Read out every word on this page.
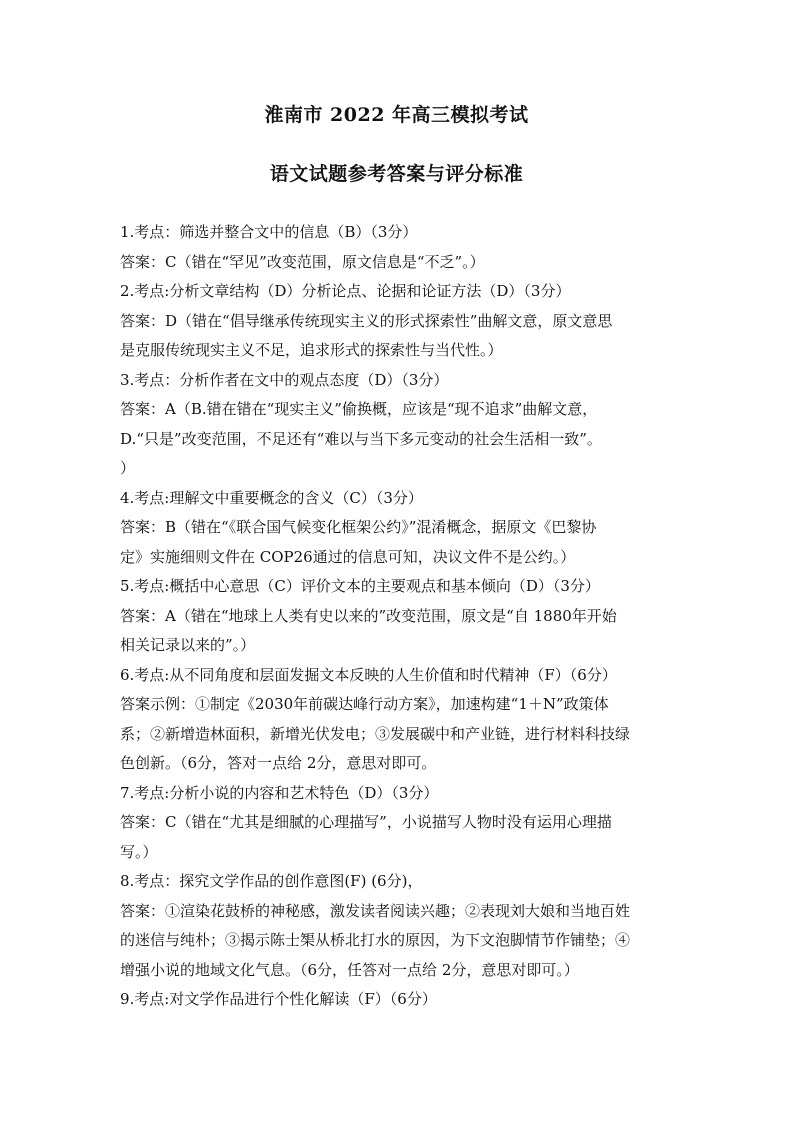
淮南市 2022 年高三模拟考试
语文试题参考答案与评分标准
1.考点：筛选并整合文中的信息（B）（3分）
答案：C（错在“罕见”改变范围，原文信息是“不乏”。）
2.考点:分析文章结构（D）分析论点、论据和论证方法（D）（3分）
答案：D（错在“倡导继承传统现实主义的形式探索性”曲解文意，原文意思
是克服传统现实主义不足，追求形式的探索性与当代性。）
3.考点：分析作者在文中的观点态度（D）（3分）
答案：A（B.错在错在“现实主义”偷换概，应该是“现不追求”曲解文意，
D.“只是”改变范围，不足还有“难以与当下多元变动的社会生活相一致”。
）
4.考点:理解文中重要概念的含义（C）（3分）
答案：B（错在“《联合国气候变化框架公约》”混淆概念，据原文《巴黎协
定》实施细则文件在 COP26通过的信息可知，决议文件不是公约。）
5.考点:概括中心意思（C）评价文本的主要观点和基本倾向（D）（3分）
答案：A（错在“地球上人类有史以来的”改变范围，原文是“自 1880年开始
相关记录以来的”。）
6.考点:从不同角度和层面发掘文本反映的人生价值和时代精神（F）（6分）
答案示例：①制定《2030年前碳达峰行动方案》，加速构建“1＋N”政策体
系；②新增造林面积，新增光伏发电；③发展碳中和产业链，进行材料科技绿
色创新。（6分，答对一点给 2分，意思对即可。
7.考点:分析小说的内容和艺术特色（D）（3分）
答案：C（错在“尤其是细腻的心理描写”，小说描写人物时没有运用心理描
写。）
8.考点：探究文学作品的创作意图(F) (6分)，
答案：①渲染花鼓桥的神秘感，激发读者阅读兴趣；②表现刘大娘和当地百姓
的迷信与纯朴；③揭示陈士榘从桥北打水的原因，为下文泡脚情节作铺垫；④
增强小说的地域文化气息。（6分，任答对一点给 2分，意思对即可。）
9.考点:对文学作品进行个性化解读（F）（6分）
